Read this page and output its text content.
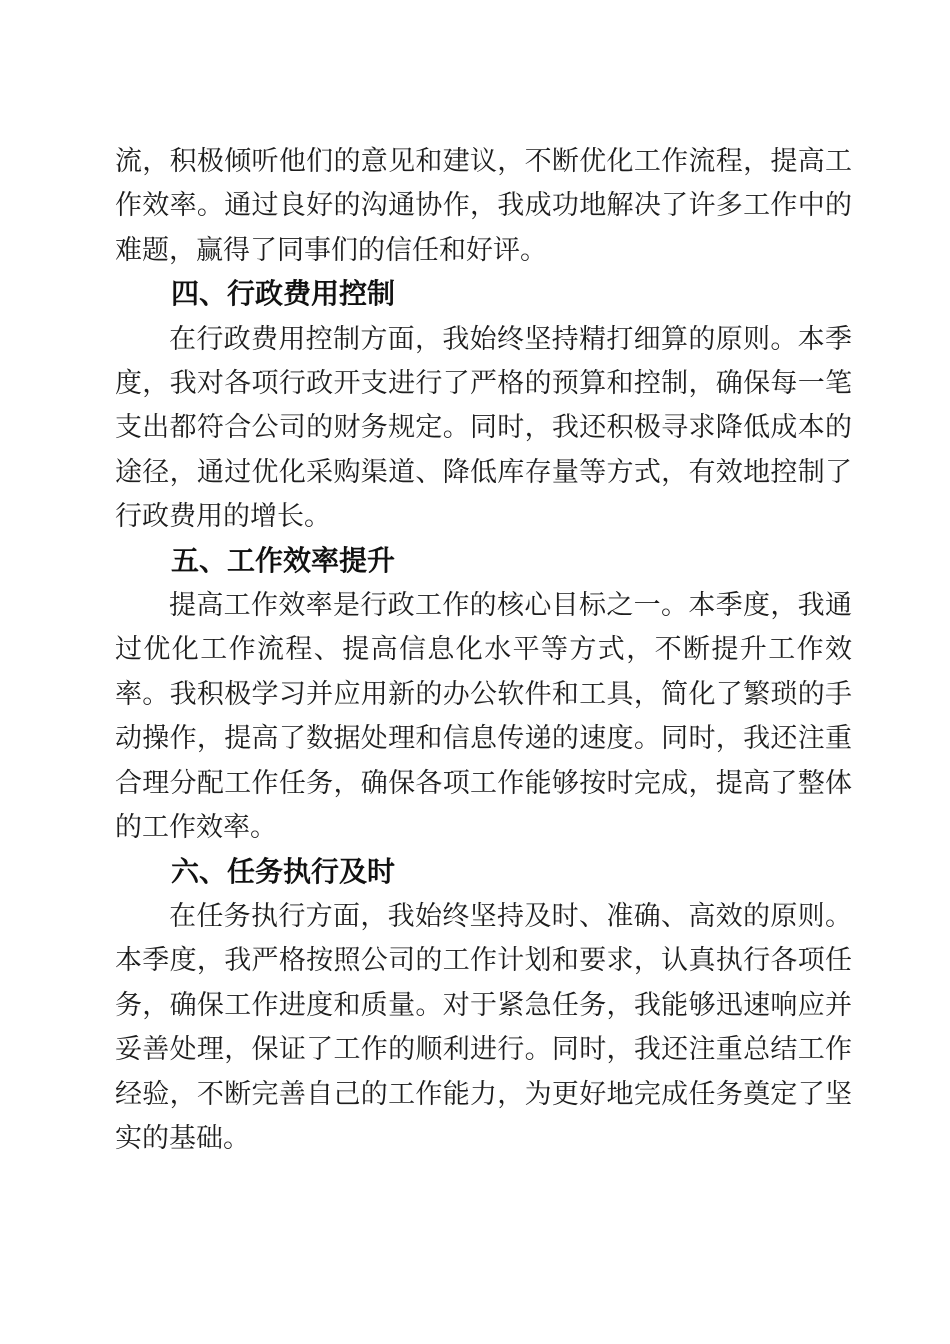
流，积极倾听他们的意见和建议，不断优化工作流程，提高工作效率。通过良好的沟通协作，我成功地解决了许多工作中的难题，赢得了同事们的信任和好评。

四、行政费用控制

在行政费用控制方面，我始终坚持精打细算的原则。本季度，我对各项行政开支进行了严格的预算和控制，确保每一笔支出都符合公司的财务规定。同时，我还积极寻求降低成本的途径，通过优化采购渠道、降低库存量等方式，有效地控制了行政费用的增长。

五、工作效率提升

提高工作效率是行政工作的核心目标之一。本季度，我通过优化工作流程、提高信息化水平等方式，不断提升工作效率。我积极学习并应用新的办公软件和工具，简化了繁琐的手动操作，提高了数据处理和信息传递的速度。同时，我还注重合理分配工作任务，确保各项工作能够按时完成，提高了整体的工作效率。

六、任务执行及时

在任务执行方面，我始终坚持及时、准确、高效的原则。本季度，我严格按照公司的工作计划和要求，认真执行各项任务，确保工作进度和质量。对于紧急任务，我能够迅速响应并妥善处理，保证了工作的顺利进行。同时，我还注重总结工作经验，不断完善自己的工作能力，为更好地完成任务奠定了坚实的基础。
